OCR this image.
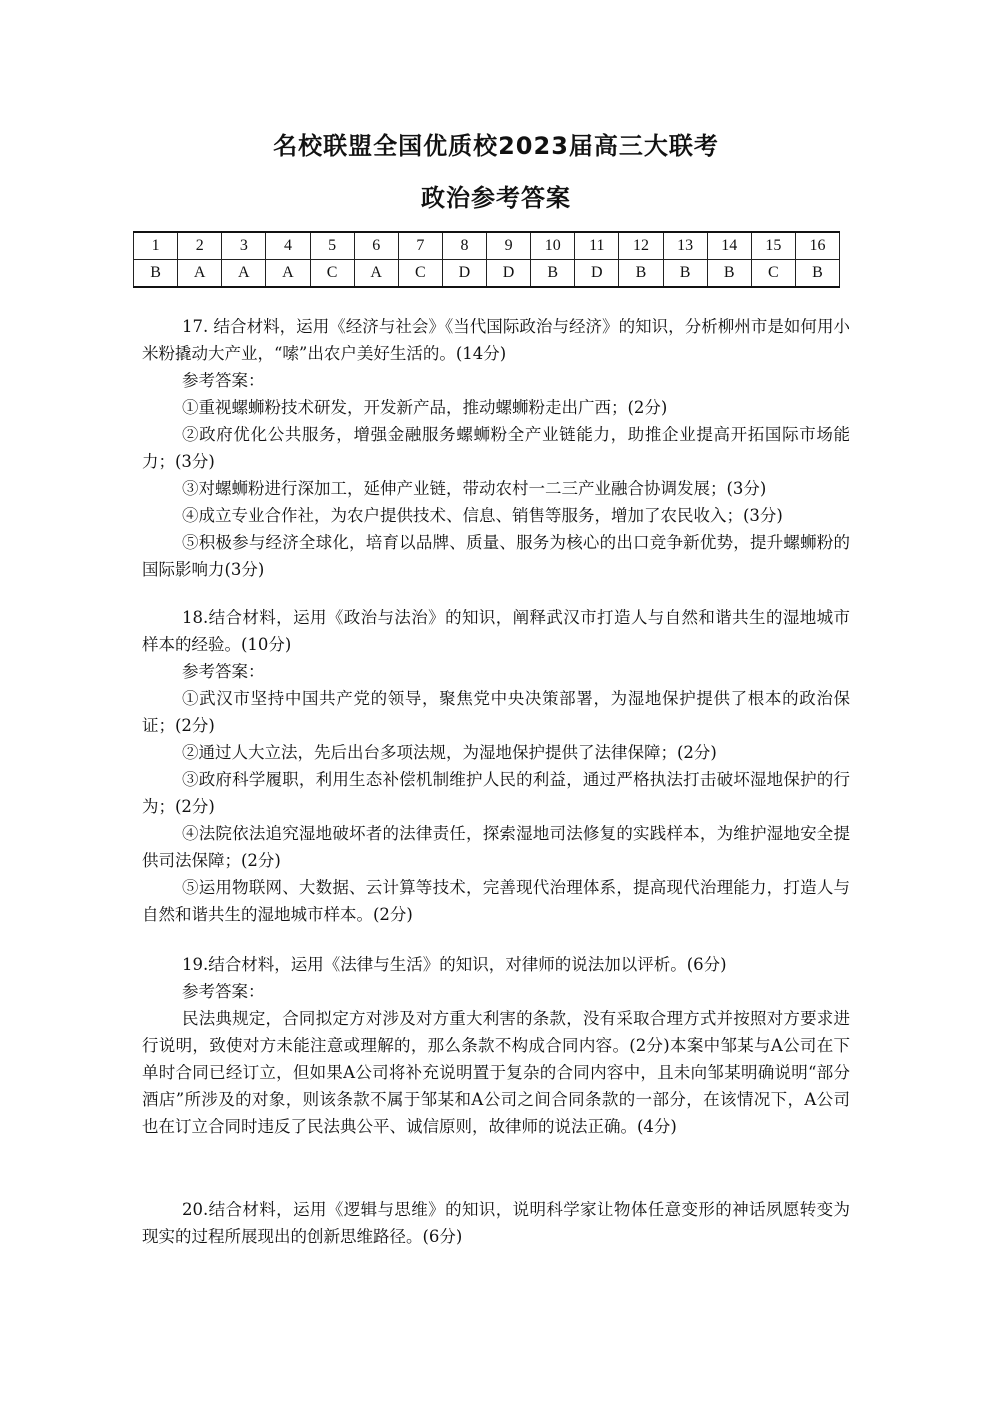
名校联盟全国优质校2023届高三大联考
政治参考答案
1	2	3	4	5	6	7	8	9	10	11	12	13	14	15	16
B	A	A	A	C	A	C	D	D	B	D	B	B	B	C	B

17. 结合材料，运用《经济与社会》《当代国际政治与经济》的知识，分析柳州市是如何用小米粉撬动大产业，“嗦”出农户美好生活的。(14分)

参考答案：

①重视螺蛳粉技术研发，开发新产品，推动螺蛳粉走出广西；(2分)

②政府优化公共服务，增强金融服务螺蛳粉全产业链能力，助推企业提高开拓国际市场能力；(3分)

③对螺蛳粉进行深加工，延伸产业链，带动农村一二三产业融合协调发展；(3分)

④成立专业合作社，为农户提供技术、信息、销售等服务，增加了农民收入；(3分)

⑤积极参与经济全球化，培育以品牌、质量、服务为核心的出口竞争新优势，提升螺蛳粉的国际影响力(3分)

18.结合材料，运用《政治与法治》的知识，阐释武汉市打造人与自然和谐共生的湿地城市样本的经验。(10分)

参考答案：

①武汉市坚持中国共产党的领导，聚焦党中央决策部署，为湿地保护提供了根本的政治保证；(2分)

②通过人大立法，先后出台多项法规，为湿地保护提供了法律保障；(2分)

③政府科学履职，利用生态补偿机制维护人民的利益，通过严格执法打击破坏湿地保护的行为；(2分)

④法院依法追究湿地破坏者的法律责任，探索湿地司法修复的实践样本，为维护湿地安全提供司法保障；(2分)

⑤运用物联网、大数据、云计算等技术，完善现代治理体系，提高现代治理能力，打造人与自然和谐共生的湿地城市样本。(2分)

19.结合材料，运用《法律与生活》的知识，对律师的说法加以评析。(6分)

参考答案：

民法典规定，合同拟定方对涉及对方重大利害的条款，没有采取合理方式并按照对方要求进行说明，致使对方未能注意或理解的，那么条款不构成合同内容。(2分)本案中邹某与A公司在下单时合同已经订立，但如果A公司将补充说明置于复杂的合同内容中，且未向邹某明确说明“部分酒店”所涉及的对象，则该条款不属于邹某和A公司之间合同条款的一部分，在该情况下，A公司也在订立合同时违反了民法典公平、诚信原则，故律师的说法正确。(4分)

20.结合材料，运用《逻辑与思维》的知识，说明科学家让物体任意变形的神话夙愿转变为现实的过程所展现出的创新思维路径。(6分)
